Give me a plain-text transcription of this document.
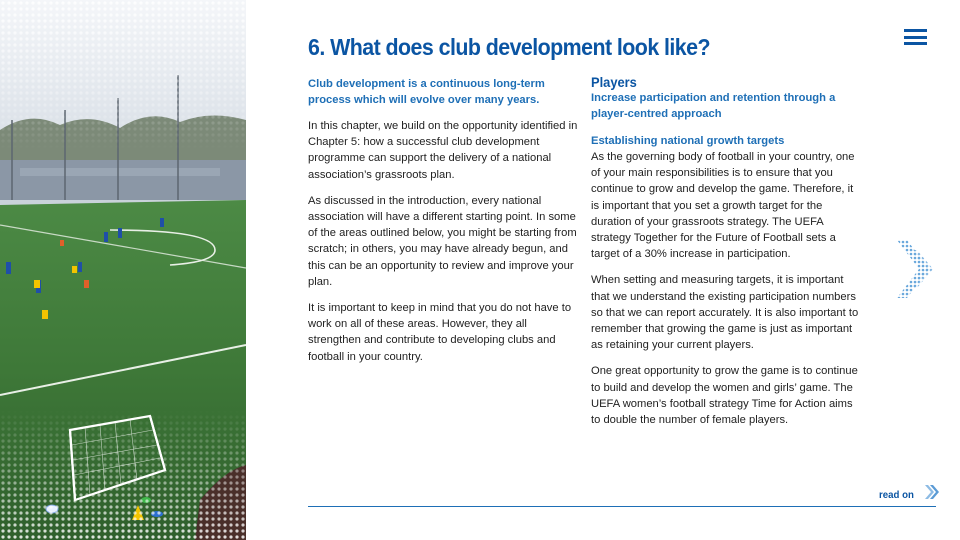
6. What does club development look like?
Club development is a continuous long-term process which will evolve over many years.

In this chapter, we build on the opportunity identified in Chapter 5: how a successful club development programme can support the delivery of a national association’s grassroots plan.

As discussed in the introduction, every national association will have a different starting point. In some of the areas outlined below, you might be starting from scratch; in others, you may have already begun, and this can be an opportunity to review and improve your plan.

It is important to keep in mind that you do not have to work on all of these areas. However, they all strengthen and contribute to developing clubs and football in your country.

Players
Increase participation and retention through a player-centred approach
Establishing national growth targets

As the governing body of football in your country, one of your main responsibilities is to ensure that you continue to grow and develop the game. Therefore, it is important that you set a growth target for the duration of your grassroots strategy. The UEFA strategy Together for the Future of Football sets a target of a 30% increase in participation.

When setting and measuring targets, it is important that we understand the existing participation numbers so that we can report accurately. It is also important to remember that growing the game is just as important as retaining your current players.

One great opportunity to grow the game is to continue to build and develop the women and girls’ game. The UEFA women’s football strategy Time for Action aims to double the number of female players.

read on
